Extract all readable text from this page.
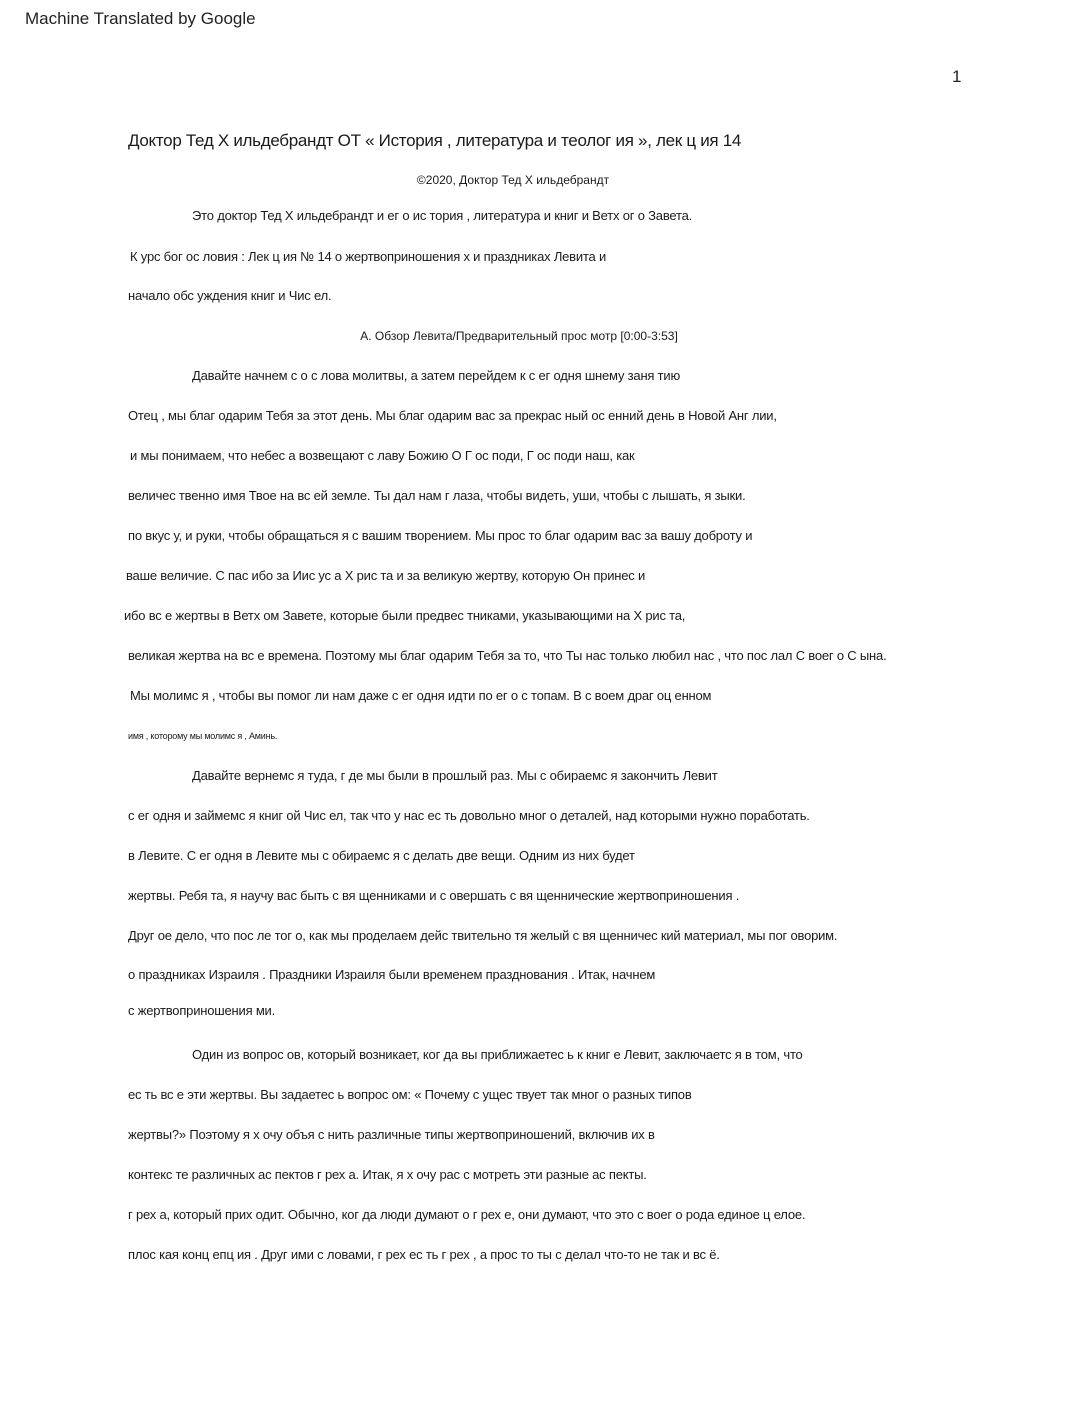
Machine Translated by Google
1
Доктор Тед Х ильдебрандт ОТ « История , литература и теолог ия », лек ц ия 14
©2020, Доктор Тед Х ильдебрандт
А. Обзор Левита/Предварительный прос мотр [0:00-3:53]
Это доктор Тед Х ильдебрандт и ег о ис тория , литература и книг и Ветх ог о Завета.
К урс бог ос ловия : Лек ц ия № 14 о жертвоприношения х и праздниках Левита и
начало обс уждения книг и Чис ел.
Давайте начнем с о с лова молитвы, а затем перейдем к с ег одня шнему заня тию
Отец , мы благ одарим Тебя за этот день. Мы благ одарим вас за прекрас ный ос енний день в Новой Анг лии,
и мы понимаем, что небес а возвещают с лаву Божию О Г ос поди, Г ос поди наш, как
величес твенно имя Твое на вс ей земле. Ты дал нам г лаза, чтобы видеть, уши, чтобы с лышать, я зыки.
по вкус у, и руки, чтобы обращаться я с вашим творением. Мы прос то благ одарим вас за вашу доброту и
ваше величие. С пас ибо за Иис ус а Х рис та и за великую жертву, которую Он принес и
ибо вс е жертвы в Ветх ом Завете, которые были предвес тниками, указывающими на Х рис та,
великая жертва на вс е времена. Поэтому мы благ одарим Тебя за то, что Ты нас только любил нас , что пос лал С воег о С ына.
Мы молимс я , чтобы вы помог ли нам даже с ег одня идти по ег о с топам. В с воем драг оц енном
имя , которому мы молимс я , Аминь.
Давайте вернемс я туда, г де мы были в прошлый раз. Мы с обираемс я закончить Левит
с ег одня и займемс я книг ой Чис ел, так что у нас ес ть довольно мног о деталей, над которыми нужно поработать.
в Левите. С ег одня в Левите мы с обираемс я с делать две вещи. Одним из них будет
жертвы. Ребя та, я научу вас быть с вя щенниками и с овершать с вя щеннические жертвоприношения .
Друг ое дело, что пос ле тог о, как мы проделаем дейс твительно тя желый с вя щенничес кий материал, мы пог оворим.
о праздниках Израиля . Праздники Израиля были временем празднования . Итак, начнем
с жертвоприношения ми.
Один из вопрос ов, который возникает, ког да вы приближаетес ь к книг е Левит, заключаетс я в том, что
ес ть вс е эти жертвы. Вы задаетес ь вопрос ом: « Почему с ущес твует так мног о разных типов
жертвы?» Поэтому я х очу объя с нить различные типы жертвоприношений, включив их в
контекс те различных ас пектов г рех а. Итак, я х очу рас с мотреть эти разные ас пекты.
г рех а, который прих одит. Обычно, ког да люди думают о г рех е, они думают, что это с воег о рода единое ц елое.
плос кая конц епц ия . Друг ими с ловами, г рех ес ть г рех , а прос то ты с делал что-то не так и вс ё.
